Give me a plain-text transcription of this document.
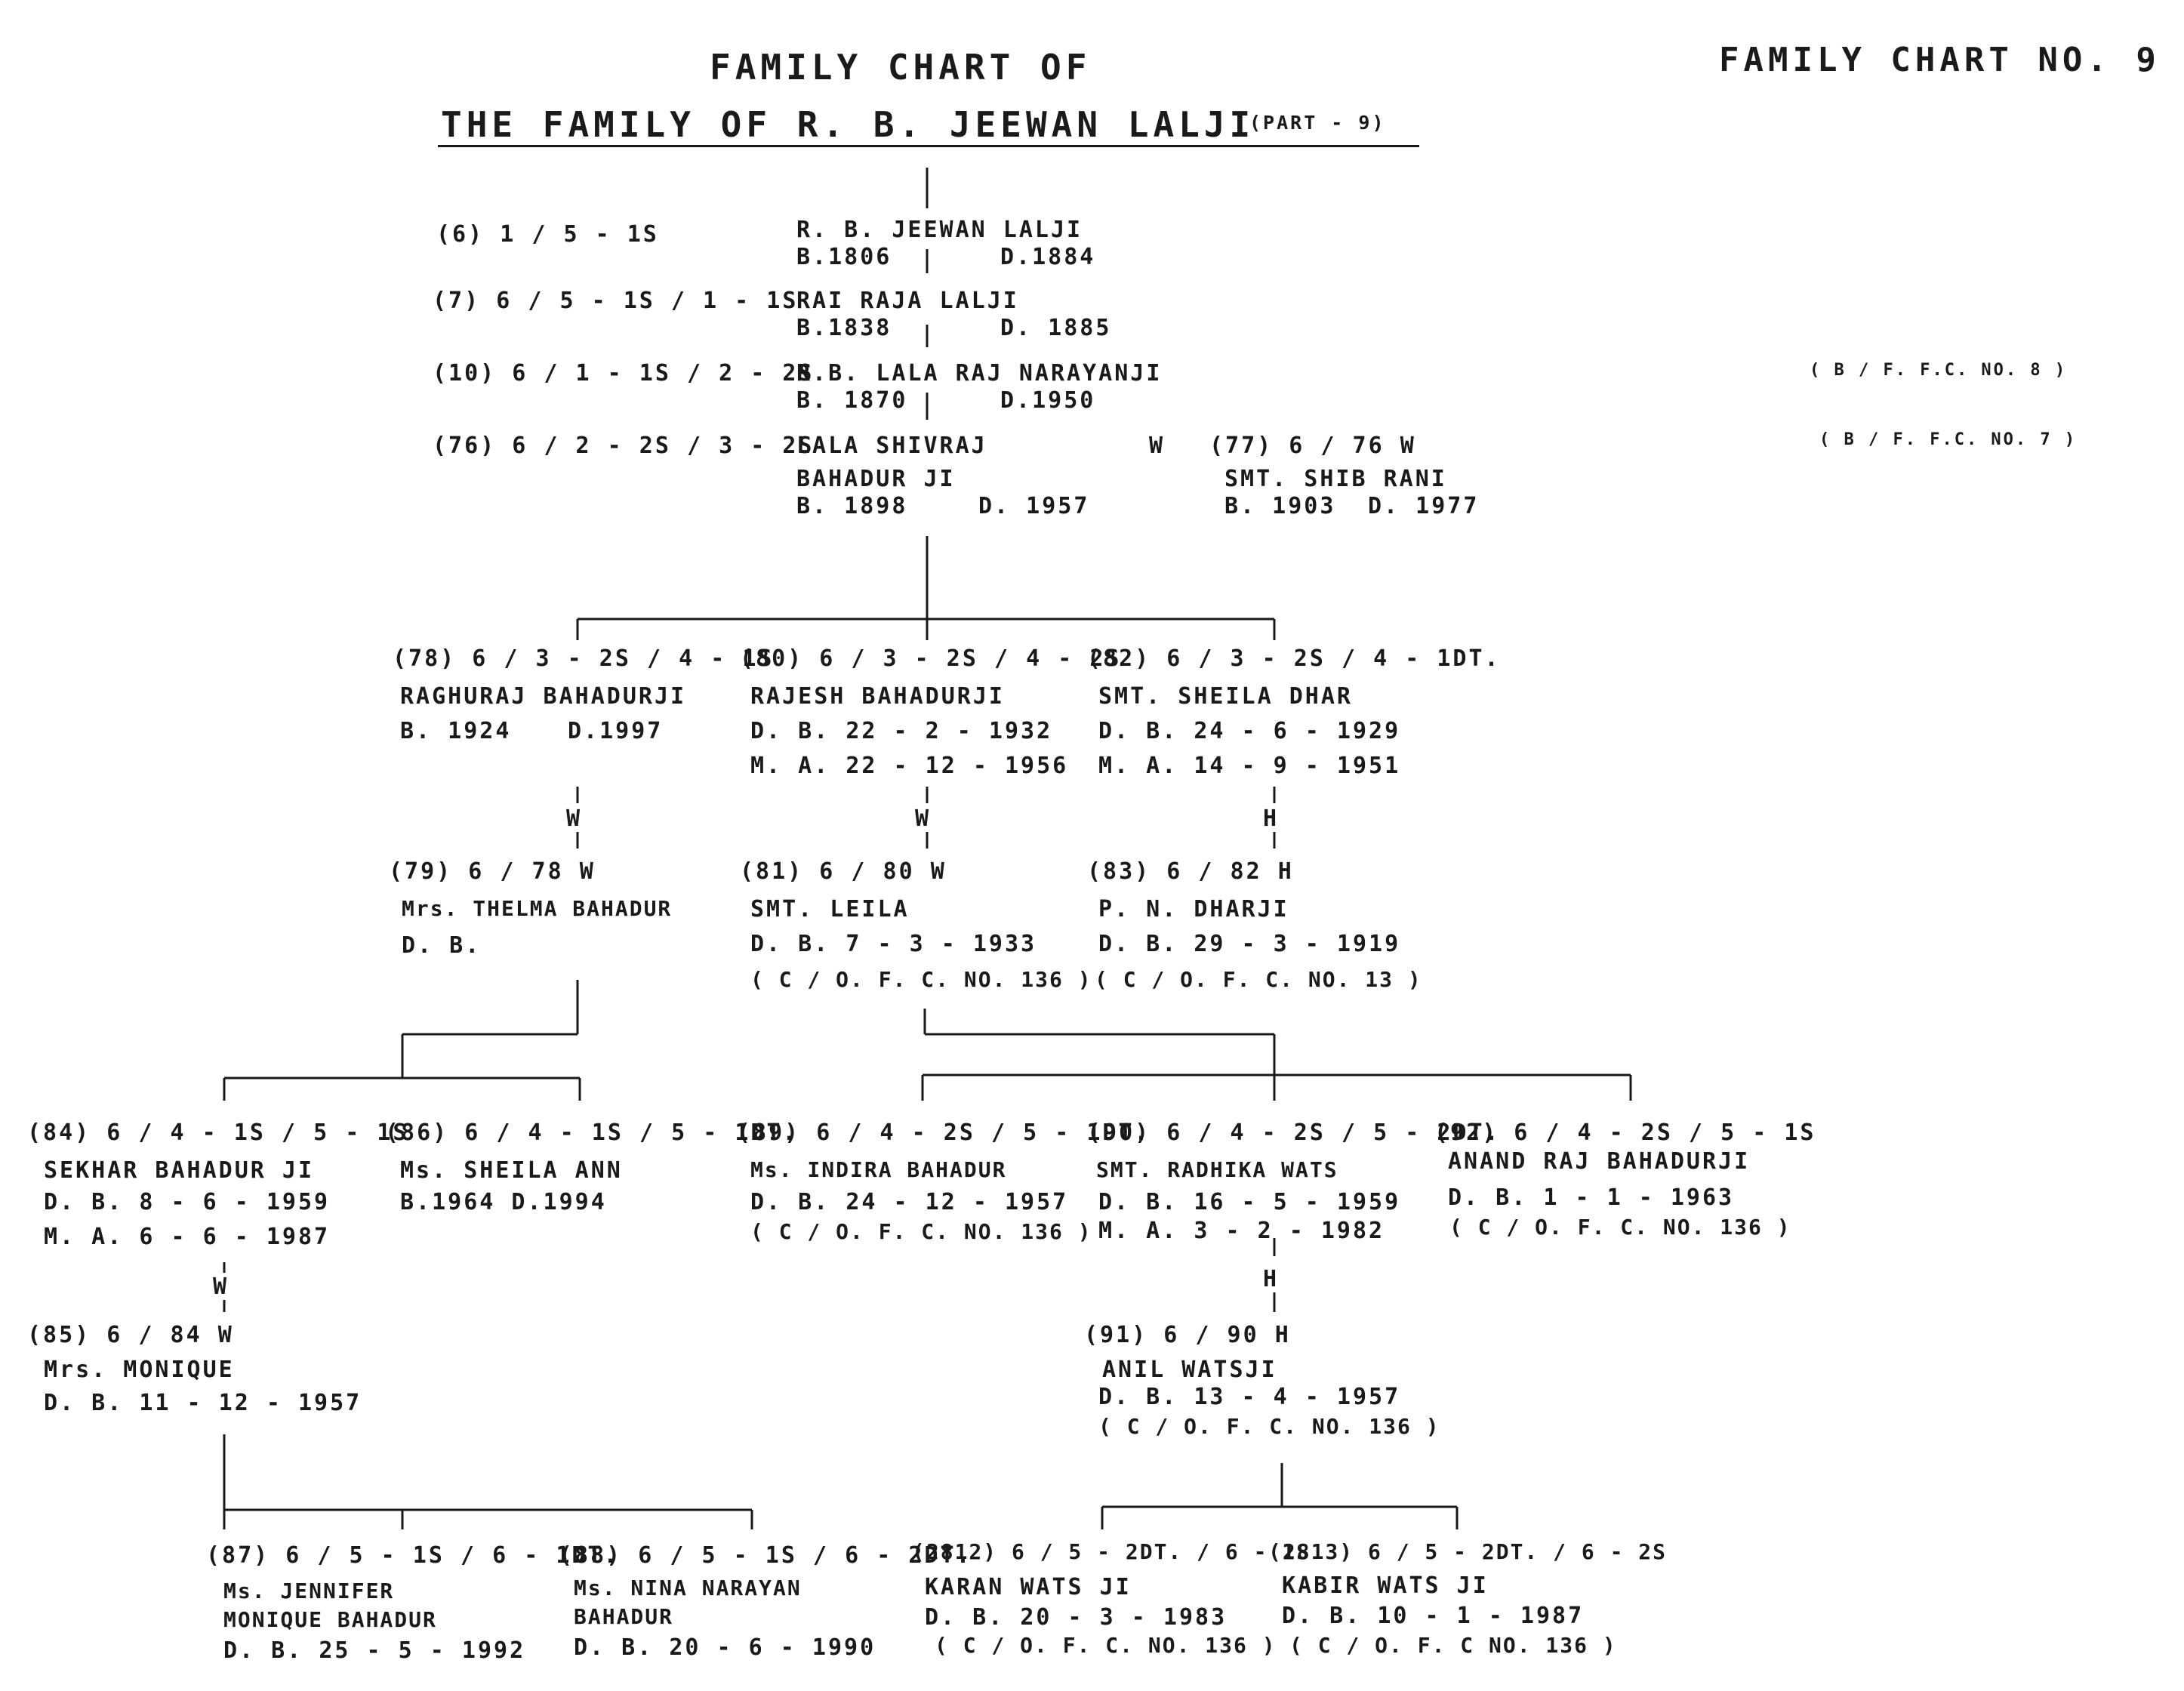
FAMILY CHART OF
THE FAMILY OF R. B. JEEWAN LALJI
(PART - 9)
FAMILY CHART NO. 9
(6) 1 / 5 - 1S	R. B. JEEWAN LALJI
B.1806	D.1884
(7) 6 / 5 - 1S / 1 - 1S
RAI RAJA LALJI
B.1838	D. 1885
(10) 6 / 1 - 1S / 2 - 2S
R.B. LALA RAJ NARAYANJI
B. 1870	D.1950
( B / F. F.C. NO. 8 )
(76) 6 / 2 - 2S / 3 - 2S
LALA SHIVRAJ
BAHADUR JI
B. 1898	D. 1957
W (77) 6 / 76 W
SMT. SHIB RANI
B. 1903 D. 1977
( B / F. F.C. NO. 7 )
(78) 6 / 3 - 2S / 4 - 1S
RAGHURAJ BAHADURJI
B. 1924 D.1997
W
(79) 6 / 78 W
Mrs. THELMA BAHADUR
D. B.
(80) 6 / 3 - 2S / 4 - 2S
RAJESH BAHADURJI
D. B. 22 - 2 - 1932
M. A. 22 - 12 - 1956
W
(81) 6 / 80 W
SMT. LEILA
D. B. 7 - 3 - 1933
( C / O. F. C. NO. 136 )
(82) 6 / 3 - 2S / 4 - 1DT.
SMT. SHEILA DHAR
D. B. 24 - 6 - 1929
M. A. 14 - 9 - 1951
H
(83) 6 / 82 H
P. N. DHARJI
D. B. 29 - 3 - 1919
( C / O. F. C. NO. 13 )
(84) 6 / 4 - 1S / 5 - 1S
SEKHAR BAHADUR JI
D. B. 8 - 6 - 1959
M. A. 6 - 6 - 1987
W
(85) 6 / 84 W
Mrs. MONIQUE
D. B. 11 - 12 - 1957
(86) 6 / 4 - 1S / 5 - 1DT.
Ms. SHEILA ANN
B.1964 D.1994
(89) 6 / 4 - 2S / 5 - 1DT.
Ms. INDIRA BAHADUR
D. B. 24 - 12 - 1957
( C / O. F. C. NO. 136 )
(90) 6 / 4 - 2S / 5 - 2DT.
SMT. RADHIKA WATS
D. B. 16 - 5 - 1959
M. A. 3 - 2 - 1982
H
(91) 6 / 90 H
ANIL WATSJI
D. B. 13 - 4 - 1957
( C / O. F. C. NO. 136 )
(92) 6 / 4 - 2S / 5 - 1S
ANAND RAJ BAHADURJI
D. B. 1 - 1 - 1963
( C / O. F. C. NO. 136 )
(87) 6 / 5 - 1S / 6 - 1DT.
Ms. JENNIFER
MONIQUE BAHADUR
D. B. 25 - 5 - 1992
(88) 6 / 5 - 1S / 6 - 2DT.
Ms. NINA NARAYAN
BAHADUR
D. B. 20 - 6 - 1990
(2812) 6 / 5 - 2DT. / 6 - 1S
KARAN WATS JI
D. B. 20 - 3 - 1983
( C / O. F. C. NO. 136 )
(2813) 6 / 5 - 2DT. / 6 - 2S
KABIR WATS JI
D. B. 10 - 1 - 1987
( C / O. F. C NO. 136 )
